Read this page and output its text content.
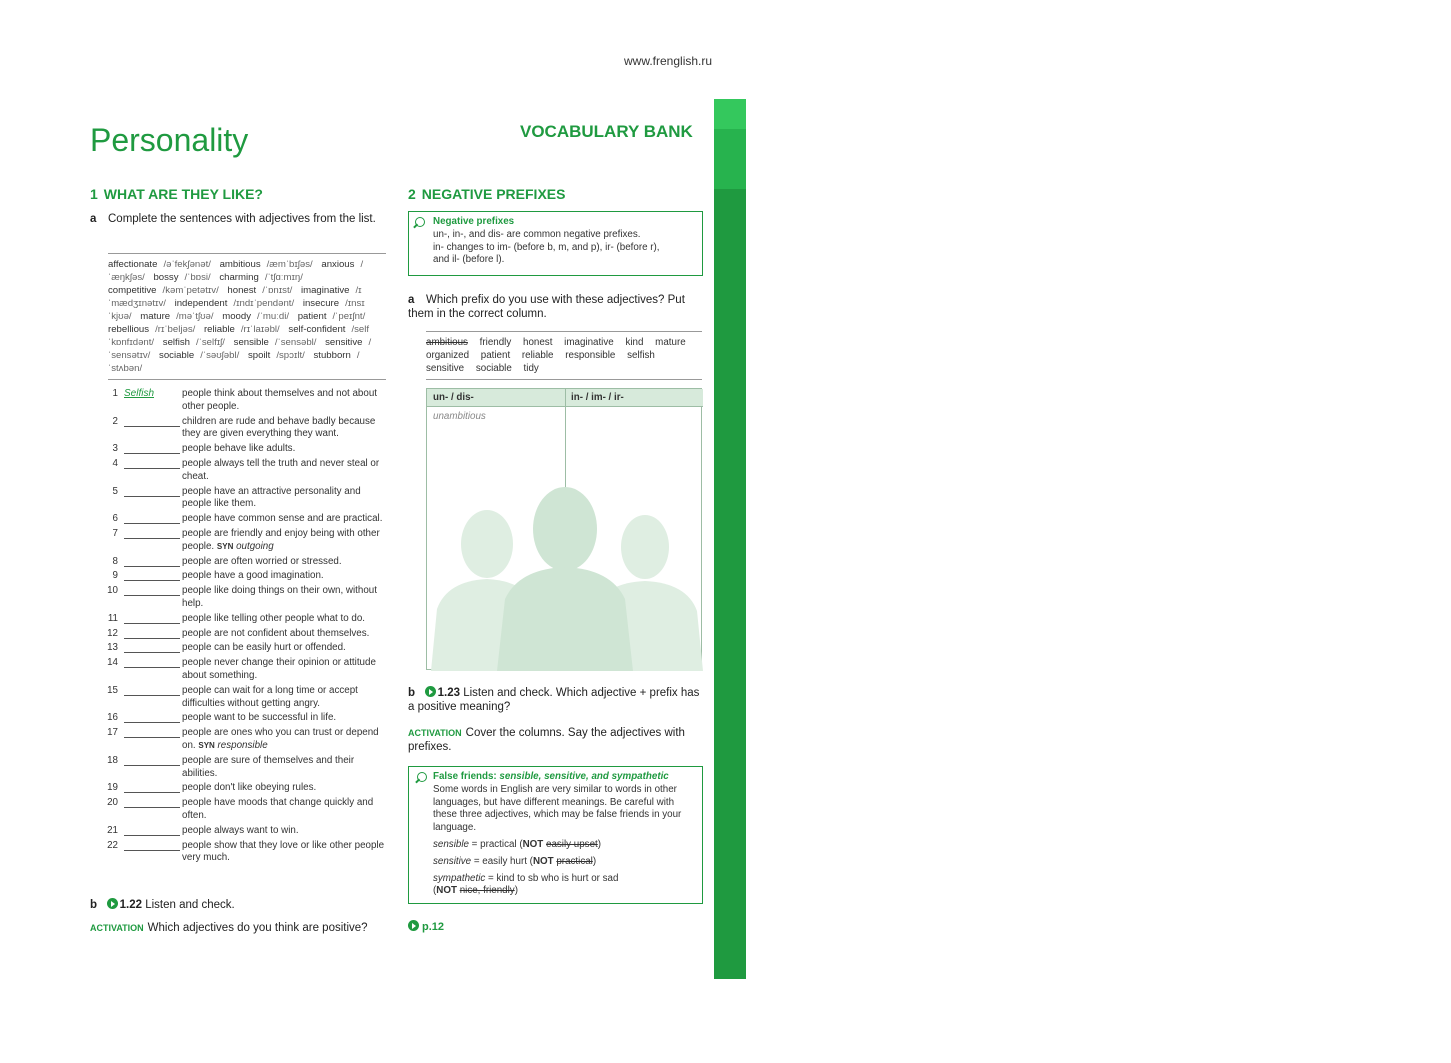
www.frenglish.ru
153
Personality	VOCABULARY BANK
1 WHAT ARE THEY LIKE?
a Complete the sentences with adjectives from the list.
affectionate /əˈfekʃənət/ ambitious /æmˈbɪʃəs/ anxious /ˈæŋkʃəs/ bossy /ˈbɒsi/ charming /ˈtʃɑːmɪŋ/ competitive /kəmˈpetətɪv/ honest /ˈɒnɪst/ imaginative /ɪˈmædʒɪnətɪv/ independent /ɪndɪˈpendənt/ insecure /ɪnsɪˈkjʊə/ mature /məˈtʃʊə/ moody /ˈmuːdi/ patient /ˈpeɪʃnt/ rebellious /rɪˈbeljəs/ reliable /rɪˈlaɪəbl/ self-confident /self ˈkɒnfɪdənt/ selfish /ˈselfɪʃ/ sensible /ˈsensəbl/ sensitive /ˈsensətɪv/ sociable /ˈsəʊʃəbl/ spoilt /spɔɪlt/ stubborn /ˈstʌbən/
1 Selfish	people think about themselves and not about other people.
2	children are rude and behave badly because they are given everything they want.
3	people behave like adults.
4	people always tell the truth and never steal or cheat.
5	people have an attractive personality and people like them.
6	people have common sense and are practical.
7	people are friendly and enjoy being with other people. SYN outgoing
8	people are often worried or stressed.
9	people have a good imagination.
10	people like doing things on their own, without help.
11	people like telling other people what to do.
12	people are not confident about themselves.
13	people can be easily hurt or offended.
14	people never change their opinion or attitude about something.
15	people can wait for a long time or accept difficulties without getting angry.
16	people want to be successful in life.
17	people are ones who you can trust or depend on. SYN responsible
18	people are sure of themselves and their abilities.
19	people don't like obeying rules.
20	people have moods that change quickly and often.
21	people always want to win.
22	people show that they love or like other people very much.
b 1.22 Listen and check.
ACTIVATION Which adjectives do you think are positive?
2 NEGATIVE PREFIXES
Negative prefixes
un-, in-, and dis- are common negative prefixes.
in- changes to im- (before b, m, and p), ir- (before r),
and il- (before l).
a Which prefix do you use with these adjectives? Put them in the correct column.
ambitious friendly honest imaginative kind mature organized patient reliable responsible selfish sensitive sociable tidy
un- / dis-	in- / im- / ir-
unambitious
b 1.23 Listen and check. Which adjective + prefix has a positive meaning?
ACTIVATION Cover the columns. Say the adjectives with prefixes.
False friends: sensible, sensitive, and sympathetic

Some words in English are very similar to words in other languages, but have different meanings. Be careful with these three adjectives, which may be false friends in your language.

sensible = practical (NOT easily upset)

sensitive = easily hurt (NOT practical)

sympathetic = kind to sb who is hurt or sad
(NOT nice, friendly)

p.12
